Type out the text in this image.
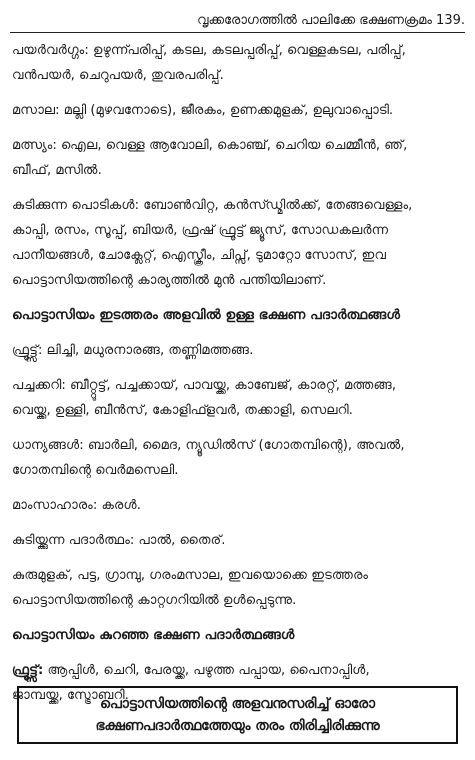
വൃക്കരോഗത്തിൽ പാലിക്കേ ഭക്ഷണക്രമം 139.
പയർവർഗ്ഗം: ഉഴുന്ന്പരിപ്പ്, കടല, കടലപ്പരിപ്പ്, വെള്ളകടല, പരിപ്പ്,
വൻപയർ, ചെറുപയർ, തുവരപരിപ്പ്.
മസാല: മല്ലി (മുഴവനോടെ), ജീരകം, ഉണക്കമുളക്, ഉലുവാപ്പൊടി.
മത്സ്യം: ഐല, വെള്ള ആവോലി, കൊഞ്ച്, ചെറിയ ചെമ്മീൻ, ഞ്,
ബീഫ്, മസിൽ.
കുടിക്കുന്ന പൊടികൾ: ബോൺവിറ്റ, കൻസ്ഡ്മിൽക്ക്, തേങ്ങവെള്ളം,
കാപ്പി, രസം, സൂപ്പ്, ബിയർ, ഫ്രഷ് ഫ്രൂട്ട് ജ്യൂസ്, സോഡകലർന്ന
പാനീയങ്ങൾ, ചോക്ലേറ്റ്, ഐസ്ക്രീം, ചിപ്സ്, ടുമാറ്റോ സോസ്, ഇവ
പൊട്ടാസിയത്തിന്റെ കാര്യത്തിൽ മുൻ പന്തിയിലാണ്.
പൊട്ടാസിയം ഇടത്തരം അളവിൽ ഉള്ള ഭക്ഷണ പദാർത്ഥങ്ങൾ
ഫ്രൂട്ട്സ്: ലിച്ചി, മധുരനാരങ്ങ, തണ്ണിമത്തങ്ങ.
പച്ചക്കറി: ബീറ്റ്റൂട്ട്, പച്ചക്കായ്, പാവയ്ക്ക, കാബേജ്, കാരറ്റ്, മത്തങ്ങ,
വെയ്ക്ക, ഉള്ളി, ബീൻസ്, കോളിഫ്ളവർ, തക്കാളി, സെലറി.
ധാന്യങ്ങൾ: ബാർലി, മൈദ, ന്യൂഡിൽസ് (ഗോതമ്പിന്റെ), അവൽ,
ഗോതമ്പിന്റെ വെർമസെലി.
മാംസാഹാരം: കരൾ.
കുടിയ്ക്കുന്ന പദാർത്ഥം: പാൽ, തൈര്.
കുരുമുളക്, പട്ട, ഗ്രാമ്പു, ഗരംമസാല, ഇവയൊക്കെ ഇടത്തരം
പൊട്ടാസിയത്തിന്റെ കാറ്റഗറിയിൽ ഉൾപ്പെടുന്നു.
പൊട്ടാസിയം കുറഞ്ഞ ഭക്ഷണ പദാർത്ഥങ്ങൾ
ഫ്രൂട്ട്സ്: ആപ്പിൾ, ചെറി, പേരയ്ക്ക, പഴുത്ത പപ്പായ, പൈനാപ്പിൾ,
ജാമ്പയ്ക്ക, സ്ട്രോബറി.
പൊട്ടാസിയത്തിന്റെ അളവനുസരിച്ച് ഓരോ
ഭക്ഷണപദാർത്ഥത്തേയും തരം തിരിച്ചിരിക്കുന്നു
